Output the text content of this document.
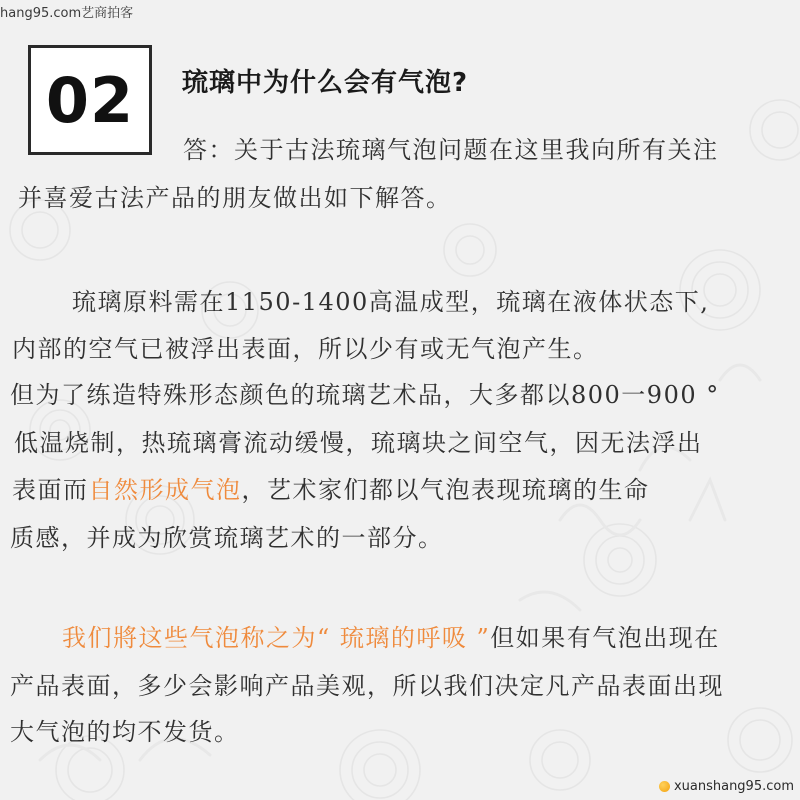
hang95.com艺商拍客
02 琉璃中为什么会有气泡?
答：关于古法琉璃气泡问题在这里我向所有关注
并喜爱古法产品的朋友做出如下解答。
琉璃原料需在1150-1400高温成型，琉璃在液体状态下,
内部的空气已被浮出表面，所以少有或无气泡产生。
但为了练造特殊形态颜色的琉璃艺术品，大多都以800一900 °
低温烧制，热琉璃膏流动缓慢，琉璃块之间空气，因无法浮出
表面而自然形成气泡，艺术家们都以气泡表现琉璃的生命
质感，并成为欣赏琉璃艺术的一部分。
我们將这些气泡称之为“ 琉璃的呼吸 ”但如果有气泡出现在
产品表面，多少会影响产品美观，所以我们决定凡产品表面出现
大气泡的均不发货。
xuanshang95.com
